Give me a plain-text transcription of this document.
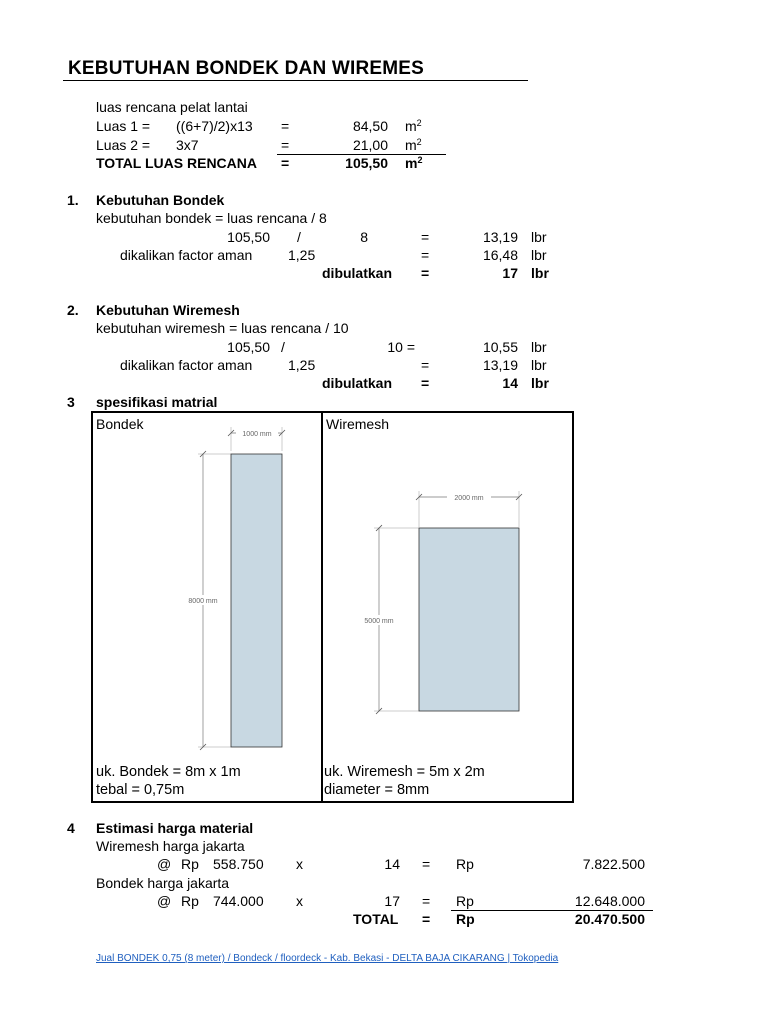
KEBUTUHAN BONDEK DAN WIREMES
luas rencana pelat lantai
Luas 1 = ((6+7)/2)x13 =	84,50 $m^2$
Luas 2 = 3x7	=	21,00 $m^2$
TOTAL LUAS RENCANA =	105,50 $m^2$
1. Kebutuhan Bondek
kebutuhan bondek = luas rencana / 8
105,50 /	8	=	13,19 lbr
dikalikan factor aman	1,25	=	16,48 lbr
dibulatkan =	17 lbr
2. Kebutuhan Wiremesh
kebutuhan wiremesh = luas rencana / 10
105,50 /	10 =	10,55 lbr
dikalikan factor aman	1,25	=	13,19 lbr
dibulatkan =	14 lbr
3 spesifikasi matrial
Bondek
1000 mm
8000 mm
uk. Bondek = 8m x 1m
tebal = 0,75m
Wiremesh
2000 mm
5000 mm
uk. Wiremesh = 5m x 2m
diameter = 8mm
4 Estimasi harga material
Wiremesh harga jakarta
@ Rp 558.750 x	14 = Rp	7.822.500
Bondek harga jakarta
@ Rp 744.000 x	17 = Rp	12.648.000
TOTAL = Rp	20.470.500
Jual BONDEK 0,75 (8 meter) / Bondeck / floordeck - Kab. Bekasi - DELTA BAJA CIKARANG | Tokopedia
